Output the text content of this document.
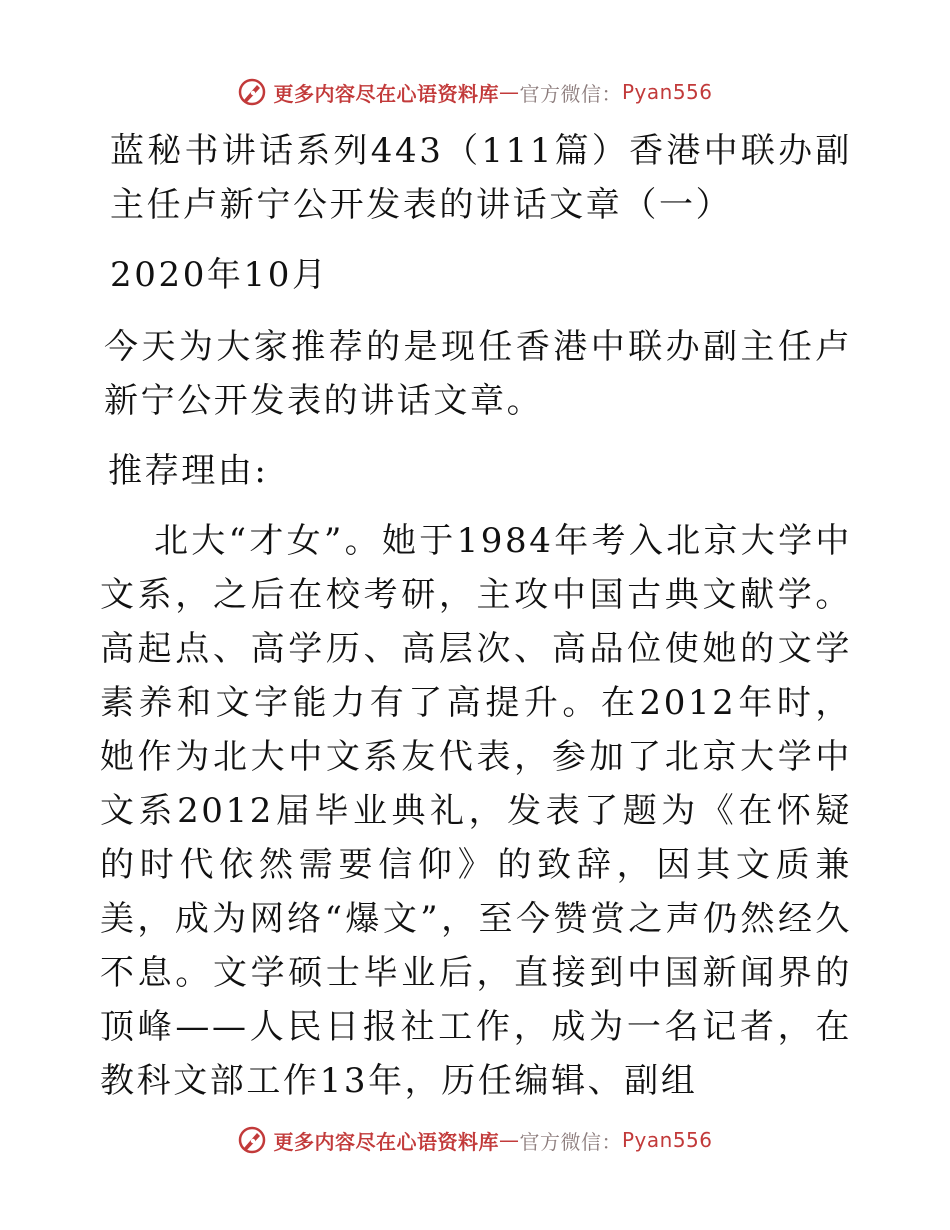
更多内容尽在心语资料库 — 官方微信： Pyan556

蓝秘书讲话系列443（111篇）香港中联办副主任卢新宁公开发表的讲话文章（一）

2020年10月

今天为大家推荐的是现任香港中联办副主任卢新宁公开发表的讲话文章。

推荐理由:

北大“才女”。她于1984年考入北京大学中文系，之后在校考研，主攻中国古典文献学。高起点、高学历、高层次、高品位使她的文学素养和文字能力有了高提升。在2012年时，她作为北大中文系友代表，参加了北京大学中文系2012届毕业典礼，发表了题为《在怀疑的时代依然需要信仰》的致辞，因其文质兼美，成为网络“爆文”，至今赞赏之声仍然经久不息。文学硕士毕业后，直接到中国新闻界的顶峰——人民日报社工作，成为一名记者，在教科文部工作13年，历任编辑、副组

更多内容尽在心语资料库 — 官方微信： Pyan556
